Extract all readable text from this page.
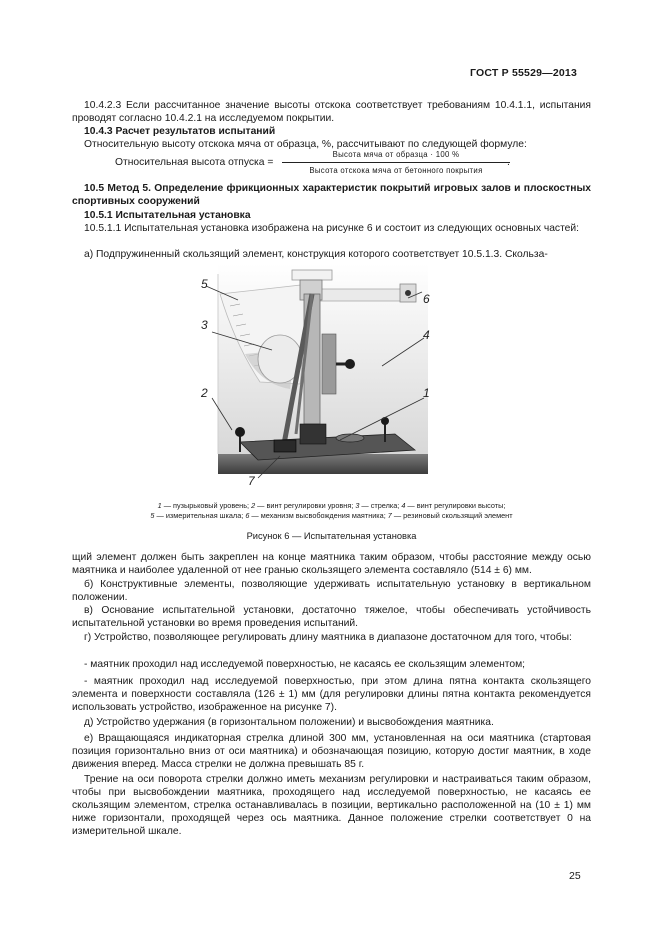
ГОСТ Р 55529—2013
10.4.2.3 Если рассчитанное значение высоты отскока соответствует требованиям 10.4.1.1, испытания проводят согласно 10.4.2.1 на исследуемом покрытии.
10.4.3 Расчет результатов испытаний
Относительную высоту отскока мяча от образца, %, рассчитывают по следующей формуле:
Относительная высота отпуска =
Высота мяча от образца · 100 %
Высота отскока мяча от бетонного покрытия
.
10.5 Метод 5. Определение фрикционных характеристик покрытий игровых залов и плоскостных спортивных сооружений
10.5.1 Испытательная установка
10.5.1.1 Испытательная установка изображена на рисунке 6 и состоит из следующих основных частей:
а) Подпружиненный скользящий элемент, конструкция которого соответствует 10.5.1.3. Скольза-
5
3
2
6
4
1
7
1 — пузырьковый уровень; 2 — винт регулировки уровня; 3 — стрелка; 4 — винт регулировки высоты;
5 — измерительная шкала; 6 — механизм высвобождения маятника; 7 — резиновый скользящий элемент
Рисунок 6 — Испытательная установка
щий элемент должен быть закреплен на конце маятника таким образом, чтобы расстояние между осью маятника и наиболее удаленной от нее гранью скользящего элемента составляло (514 ± 6) мм.
б) Конструктивные элементы, позволяющие удерживать испытательную установку в вертикальном положении.
в) Основание испытательной установки, достаточно тяжелое, чтобы обеспечивать устойчивость испытательной установки во время проведения испытаний.
г) Устройство, позволяющее регулировать длину маятника в диапазоне достаточном для того, чтобы:
- маятник проходил над исследуемой поверхностью, не касаясь ее скользящим элементом;
- маятник проходил над исследуемой поверхностью, при этом длина пятна контакта скользящего элемента и поверхности составляла (126 ± 1) мм (для регулировки длины пятна контакта рекомендуется использовать устройство, изображенное на рисунке 7).
д) Устройство удержания (в горизонтальном положении) и высвобождения маятника.
е) Вращающаяся индикаторная стрелка длиной 300 мм, установленная на оси маятника (стартовая позиция горизонтально вниз от оси маятника) и обозначающая позицию, которую достиг маятник, в ходе движения вперед. Масса стрелки не должна превышать 85 г.
Трение на оси поворота стрелки должно иметь механизм регулировки и настраиваться таким образом, чтобы при высвобождении маятника, проходящего над исследуемой поверхностью, не касаясь ее скользящим элементом, стрелка останавливалась в позиции, вертикально расположенной на (10 ± 1) мм ниже горизонтали, проходящей через ось маятника. Данное положение стрелки соответствует 0 на измерительной шкале.
25
